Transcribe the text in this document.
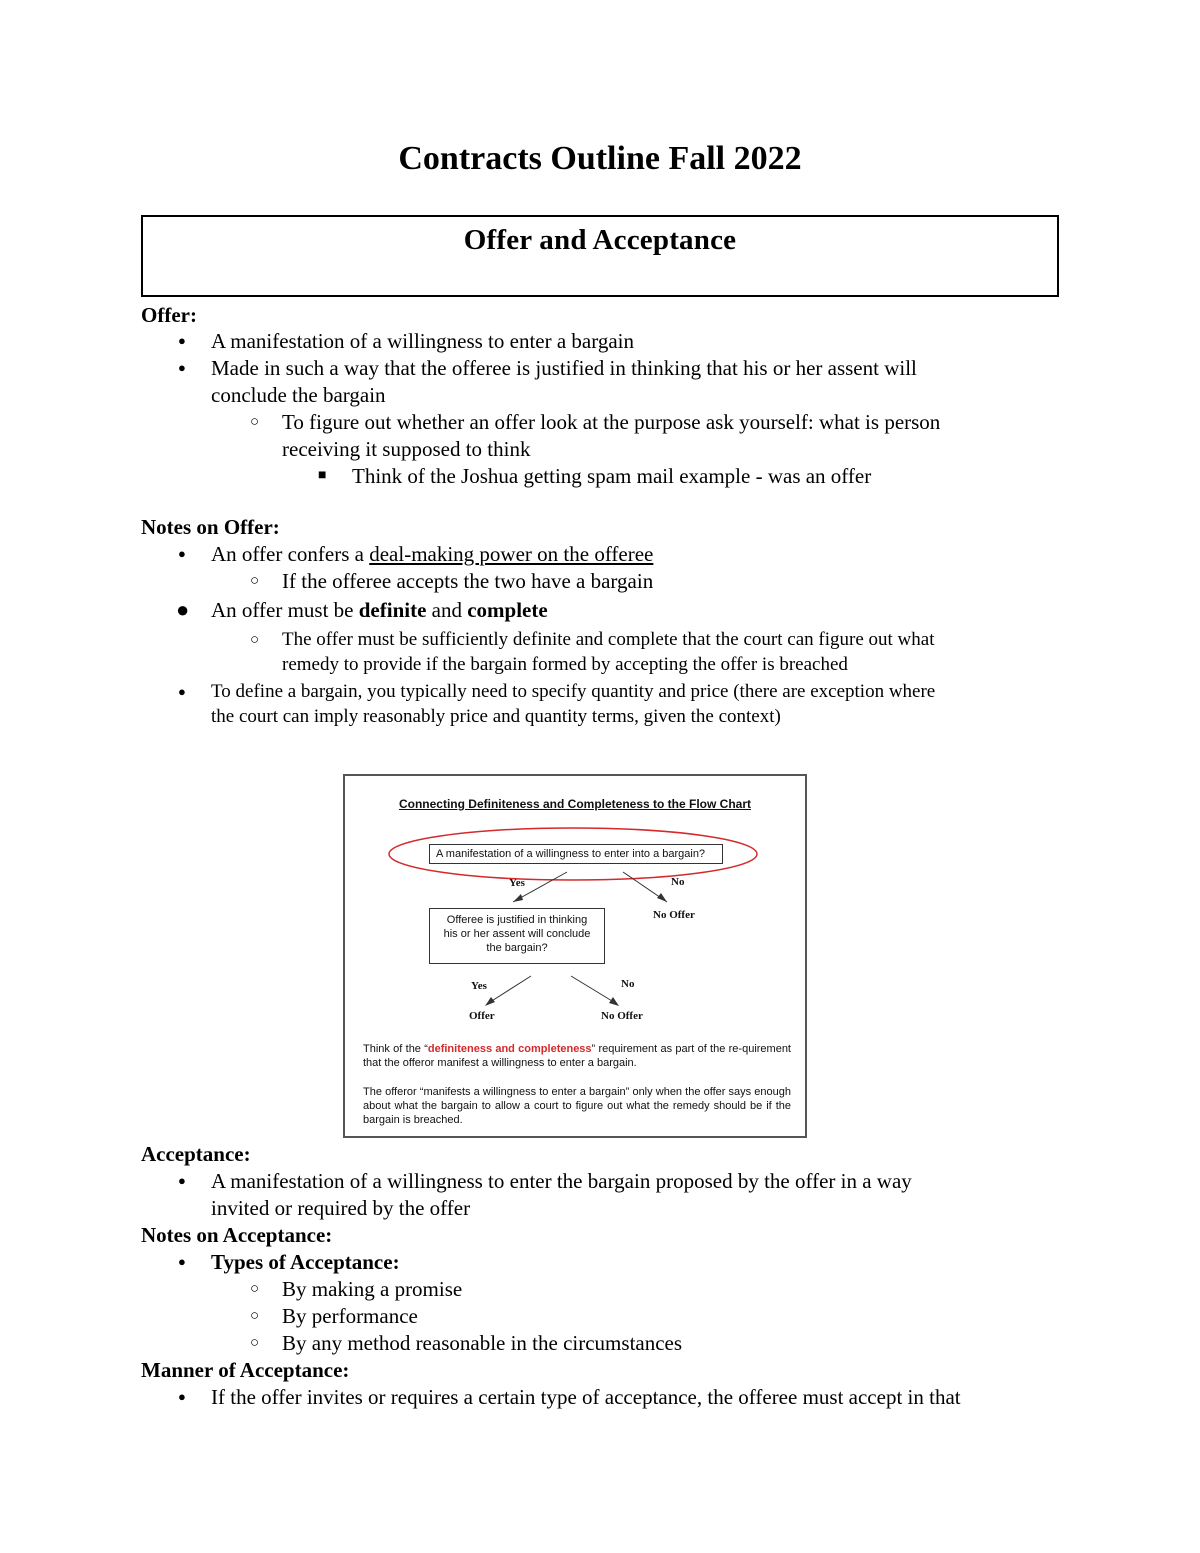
Contracts Outline Fall 2022
Offer and Acceptance
Offer:
● A manifestation of a willingness to enter a bargain
● Made in such a way that the offeree is justified in thinking that his or her assent will
conclude the bargain
○ To figure out whether an offer look at the purpose ask yourself: what is person
receiving it supposed to think
■ Think of the Joshua getting spam mail example - was an offer
Notes on Offer:
● An offer confers a deal-making power on the offeree
○ If the offeree accepts the two have a bargain
● An offer must be definite and complete
○ The offer must be sufficiently definite and complete that the court can figure out what
remedy to provide if the bargain formed by accepting the offer is breached
● To define a bargain, you typically need to specify quantity and price (there are exception where
the court can imply reasonably price and quantity terms, given the context)
Connecting Definiteness and Completeness to the Flow Chart
A manifestation of a willingness to enter into a bargain?
Yes	No
No Offer
Offeree is justified in thinking
his or her assent will conclude
the bargain?
Yes	No
Offer	No Offer
Think of the “definiteness and completeness” requirement as part of the re-quirement that the offeror manifest a willingness to enter a bargain.
The offeror “manifests a willingness to enter a bargain” only when the offer says enough about what the bargain to allow a court to figure out what the remedy should be if the bargain is breached.
Acceptance:
● A manifestation of a willingness to enter the bargain proposed by the offer in a way
invited or required by the offer
Notes on Acceptance:
● Types of Acceptance:
○ By making a promise
○ By performance
○ By any method reasonable in the circumstances
Manner of Acceptance:
● If the offer invites or requires a certain type of acceptance, the offeree must accept in that
